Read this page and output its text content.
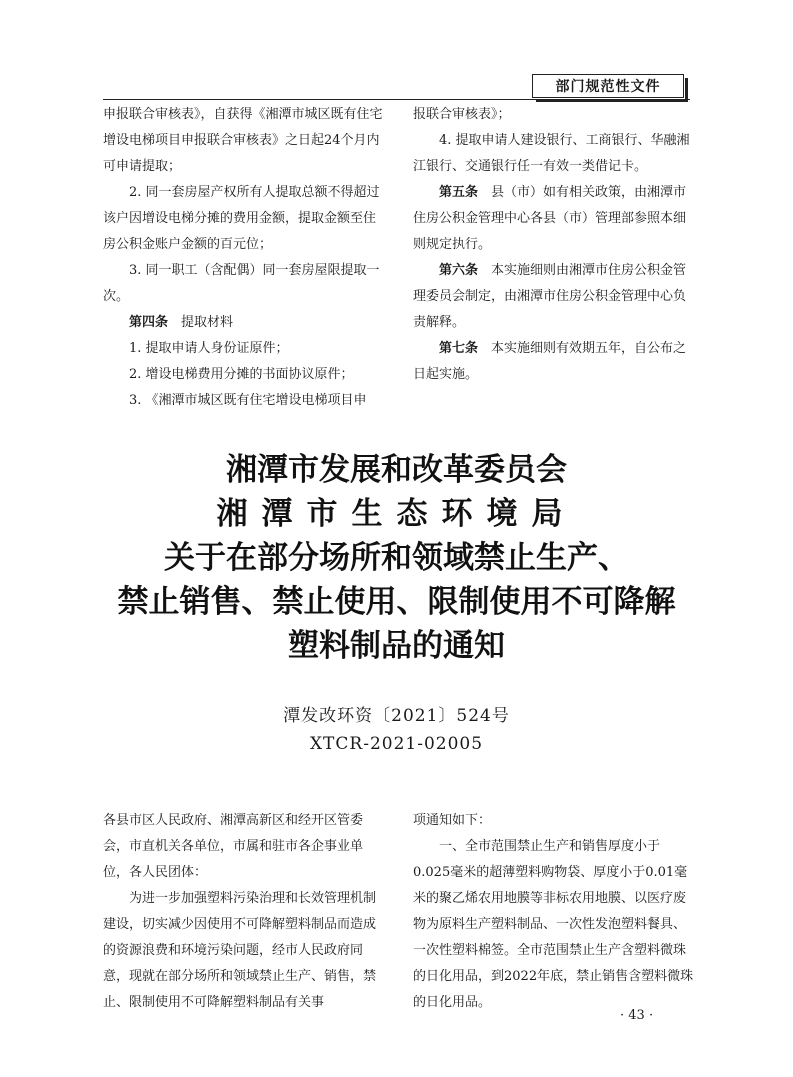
部门规范性文件

申报联合审核表》，自获得《湘潭市城区既有住宅增设电梯项目申报联合审核表》之日起24个月内可申请提取；

2. 同一套房屋产权所有人提取总额不得超过该户因增设电梯分摊的费用金额，提取金额至住房公积金账户金额的百元位；

3. 同一职工（含配偶）同一套房屋限提取一次。

第四条　 提取材料

1. 提取申请人身份证原件；

2. 增设电梯费用分摊的书面协议原件；

3. 《湘潭市城区既有住宅增设电梯项目申

报联合审核表》；

4. 提取申请人建设银行、工商银行、华融湘江银行、交通银行任一有效一类借记卡。

第五条　 县（市）如有相关政策，由湘潭市住房公积金管理中心各县（市）管理部参照本细则规定执行。

第六条　 本实施细则由湘潭市住房公积金管理委员会制定，由湘潭市住房公积金管理中心负责解释。

第七条　 本实施细则有效期五年，自公布之日起实施。

湘潭市发展和改革委员会
湘潭市生态环境局
关于在部分场所和领域禁止生产、
禁止销售、禁止使用、限制使用不可降解
塑料制品的通知
潭发改环资〔2021〕524号
XTCR-2021-02005

各县市区人民政府、湘潭高新区和经开区管委会，市直机关各单位，市属和驻市各企事业单位，各人民团体：

为进一步加强塑料污染治理和长效管理机制建设，切实减少因使用不可降解塑料制品而造成的资源浪费和环境污染问题，经市人民政府同意，现就在部分场所和领域禁止生产、销售，禁止、限制使用不可降解塑料制品有关事

项通知如下：

一、全市范围禁止生产和销售厚度小于0.025毫米的超薄塑料购物袋、厚度小于0.01毫米的聚乙烯农用地膜等非标农用地膜、以医疗废物为原料生产塑料制品、一次性发泡塑料餐具、一次性塑料棉签。全市范围禁止生产含塑料微珠的日化用品，到2022年底，禁止销售含塑料微珠的日化用品。

· 43 ·
